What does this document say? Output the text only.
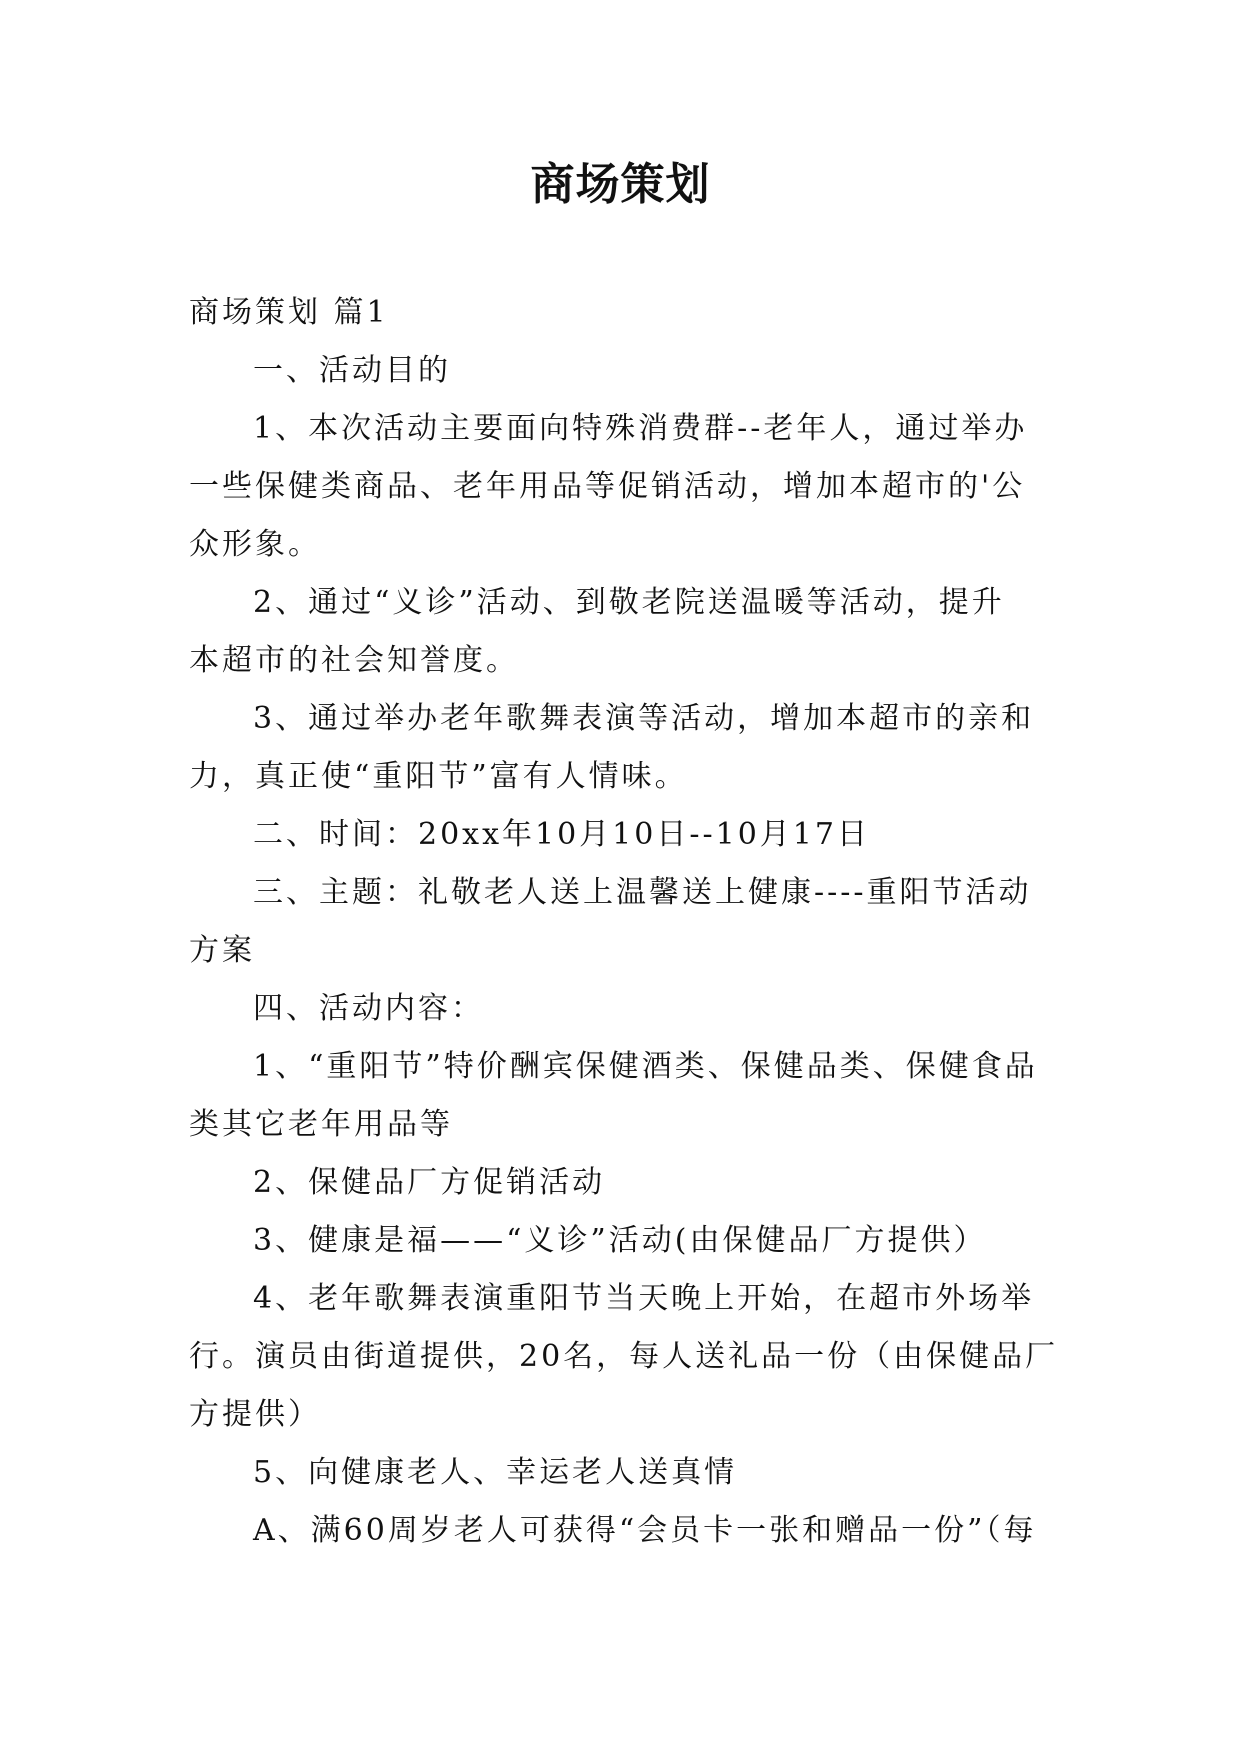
商场策划

商场策划 篇1

一、活动目的

1、本次活动主要面向特殊消费群--老年人，通过举办

一些保健类商品、老年用品等促销活动，增加本超市的'公

众形象。

2、通过“义诊”活动、到敬老院送温暖等活动，提升

本超市的社会知誉度。

3、通过举办老年歌舞表演等活动，增加本超市的亲和

力，真正使“重阳节”富有人情味。

二、时间：20xx年10月10日--10月17日

三、主题：礼敬老人送上温馨送上健康----重阳节活动

方案

四、活动内容：

1、“重阳节”特价酬宾保健酒类、保健品类、保健食品

类其它老年用品等

2、保健品厂方促销活动

3、健康是福——“义诊”活动(由保健品厂方提供）

4、老年歌舞表演重阳节当天晚上开始，在超市外场举

行。演员由街道提供，20名，每人送礼品一份（由保健品厂

方提供）

5、向健康老人、幸运老人送真情

A、满60周岁老人可获得“会员卡一张和赠品一份”（每
